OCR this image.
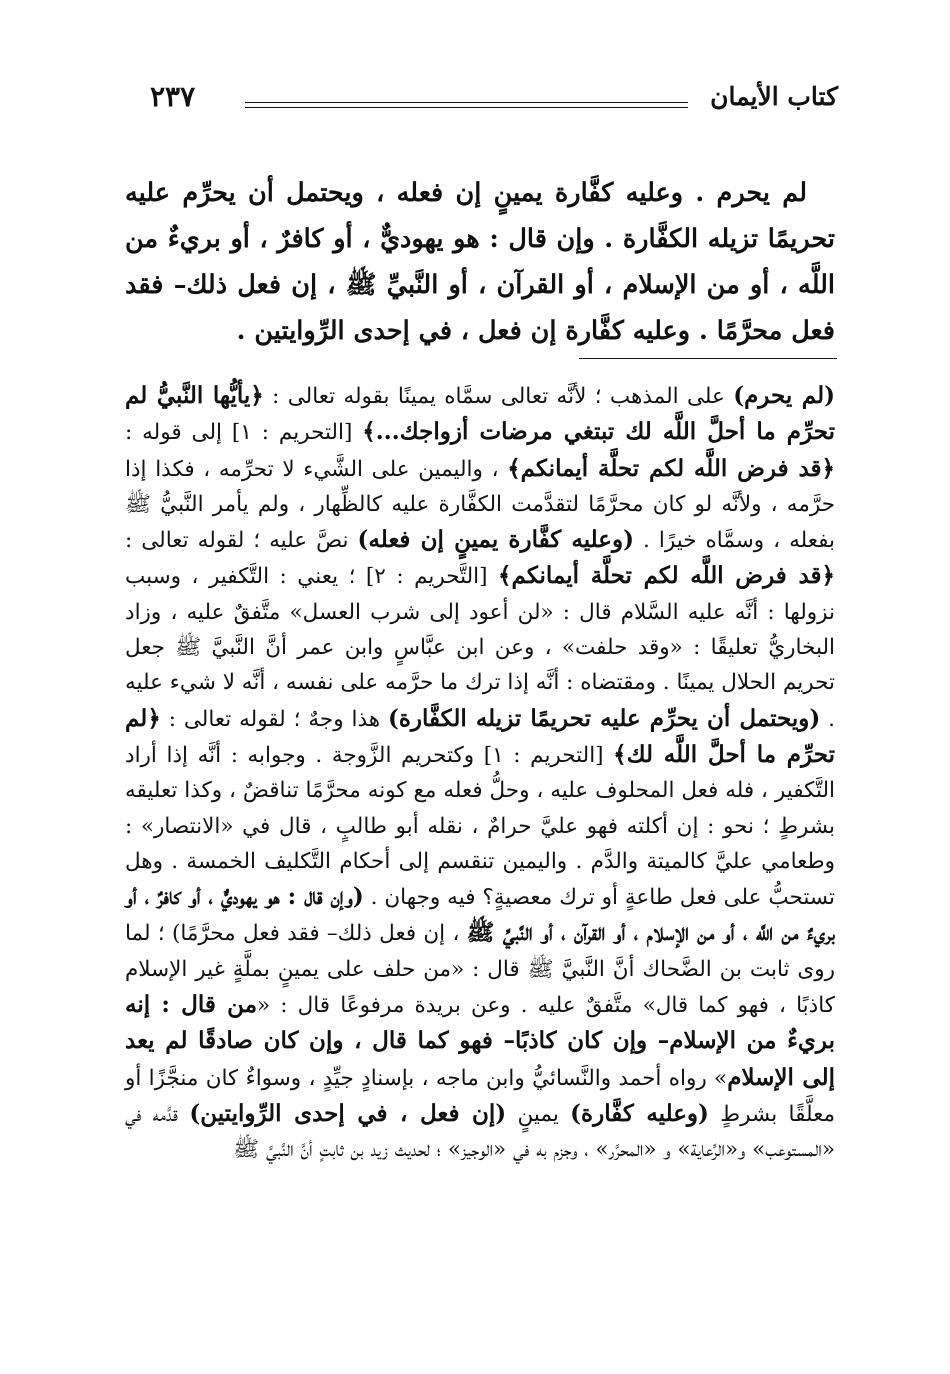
كتاب الأيمان
٢٣٧

لم يحرم . وعليه كفَّارة يمينٍ إن فعله ، ويحتمل أن يحرِّم عليه تحريمًا تزيله الكفَّارة . وإن قال : هو يهوديٌّ ، أو كافرٌ ، أو بريءٌ من اللَّه ، أو من الإسلام ، أو القرآن ، أو النَّبيِّ ﷺ ، إن فعل ذلك– فقد فعل محرَّمًا . وعليه كفَّارة إن فعل ، في إحدى الرِّوايتين .

(لم يحرم) على المذهب ؛ لأنَّه تعالى سمَّاه يمينًا بقوله تعالى : ﴿يأيُّها النَّبيُّ لم تحرِّم ما أحلَّ اللَّه لك تبتغي مرضات أزواجك...﴾ [التحريم : ١] إلى قوله : ﴿قد فرض اللَّه لكم تحلَّة أيمانكم﴾ ، واليمين على الشَّيء لا تحرِّمه ، فكذا إذا حرَّمه ، ولأنَّه لو كان محرَّمًا لتقدَّمت الكفَّارة عليه كالظِّهار ، ولم يأمر النَّبيُّ ﷺ بفعله ، وسمَّاه خيرًا . (وعليه كفَّارة يمينٍ إن فعله) نصَّ عليه ؛ لقوله تعالى : ﴿قد فرض اللَّه لكم تحلَّة أيمانكم﴾ [التَّحريم : ٢] ؛ يعني : التَّكفير ، وسبب نزولها : أنَّه عليه السَّلام قال : «لن أعود إلى شرب العسل» متَّفقٌ عليه ، وزاد البخاريُّ تعليقًا : «وقد حلفت» ، وعن ابن عبَّاسٍ وابن عمر أنَّ النَّبيَّ ﷺ جعل تحريم الحلال يمينًا . ومقتضاه : أنَّه إذا ترك ما حرَّمه على نفسه ، أنَّه لا شيء عليه . (ويحتمل أن يحرِّم عليه تحريمًا تزيله الكفَّارة) هذا وجهٌ ؛ لقوله تعالى : ﴿لم تحرِّم ما أحلَّ اللَّه لك﴾ [التحريم : ١] وكتحريم الزَّوجة . وجوابه : أنَّه إذا أراد التَّكفير ، فله فعل المحلوف عليه ، وحلُّ فعله مع كونه محرَّمًا تناقضٌ ، وكذا تعليقه بشرطٍ ؛ نحو : إن أكلته فهو عليَّ حرامٌ ، نقله أبو طالبٍ ، قال في «الانتصار» : وطعامي عليَّ كالميتة والدَّم . واليمين تنقسم إلى أحكام التَّكليف الخمسة . وهل تستحبُّ على فعل طاعةٍ أو ترك معصيةٍ؟ فيه وجهان . (وإن قال : هو يهوديٌّ ، أو كافرٌ ، أو بريءٌ من اللَّه ، أو من الإسلام ، أو القرآن ، أو النَّبيِّ ﷺ ، إن فعل ذلك– فقد فعل محرَّمًا) ؛ لما روى ثابت بن الضَّحاك أنَّ النَّبيَّ ﷺ قال : «من حلف على يمينٍ بملَّةٍ غير الإسلام كاذبًا ، فهو كما قال» متَّفقٌ عليه . وعن بريدة مرفوعًا قال : «من قال : إنه بريءٌ من الإسلام– وإن كان كاذبًا– فهو كما قال ، وإن كان صادقًا لم يعد إلى الإسلام» رواه أحمد والنَّسائيُّ وابن ماجه ، بإسنادٍ جيِّدٍ ، وسواءٌ كان منجَّزًا أو معلَّقًا بشرطٍ (وعليه كفَّارة) يمينٍ (إن فعل ، في إحدى الرِّوايتين) قدَّمه في «المستوعب» و«الرِّعاية» و «المحرَّر» ، وجزم به في «الوجيز» ؛ لحديث زيد بن ثابتٍ أنَّ النَّبيَّ ﷺ
